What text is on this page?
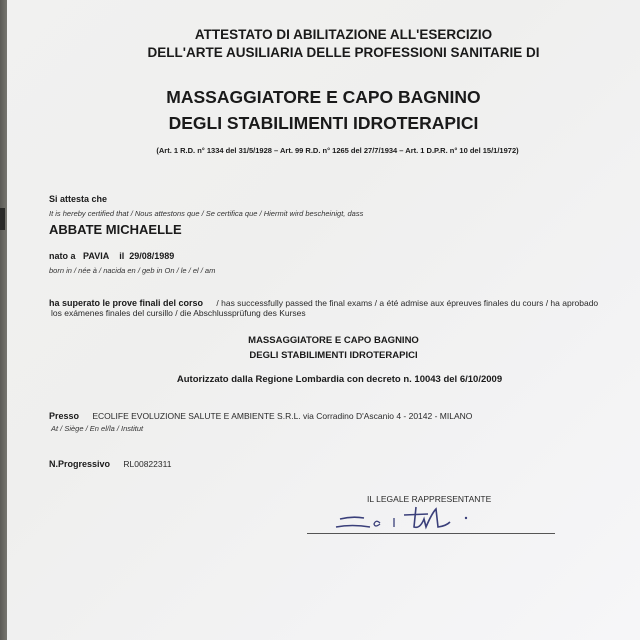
ATTESTATO DI ABILITAZIONE ALL'ESERCIZIO
DELL'ARTE AUSILIARIA DELLE PROFESSIONI SANITARIE DI
MASSAGGIATORE E CAPO BAGNINO
DEGLI STABILIMENTI IDROTERAPICI
(Art. 1 R.D. n° 1334 del 31/5/1928 – Art. 99 R.D. n° 1265 del 27/7/1934 – Art. 1 D.P.R. n° 10 del 15/1/1972)
Si attesta che
It is hereby certified that / Nous attestons que / Se certifica que / Hiermit wird bescheinigt, dass
ABBATE MICHAELLE
nato a PAVIA il 29/08/1989
born in / née à / nacida en / geb in On / le / el / am
ha superato le prove finali del corso / has successfully passed the final exams / a été admise aux épreuves finales du cours / ha aprobado
los exámenes finales del cursillo / die Abschlussprüfung des Kurses
MASSAGGIATORE E CAPO BAGNINO
DEGLI STABILIMENTI IDROTERAPICI
Autorizzato dalla Regione Lombardia con decreto n. 10043 del 6/10/2009
Presso ECOLIFE EVOLUZIONE SALUTE E AMBIENTE S.R.L. via Corradino D'Ascanio 4 - 20142 - MILANO
At / Siège / En el/la / Institut
N.Progressivo RL00822311
IL LEGALE RAPPRESENTANTE
